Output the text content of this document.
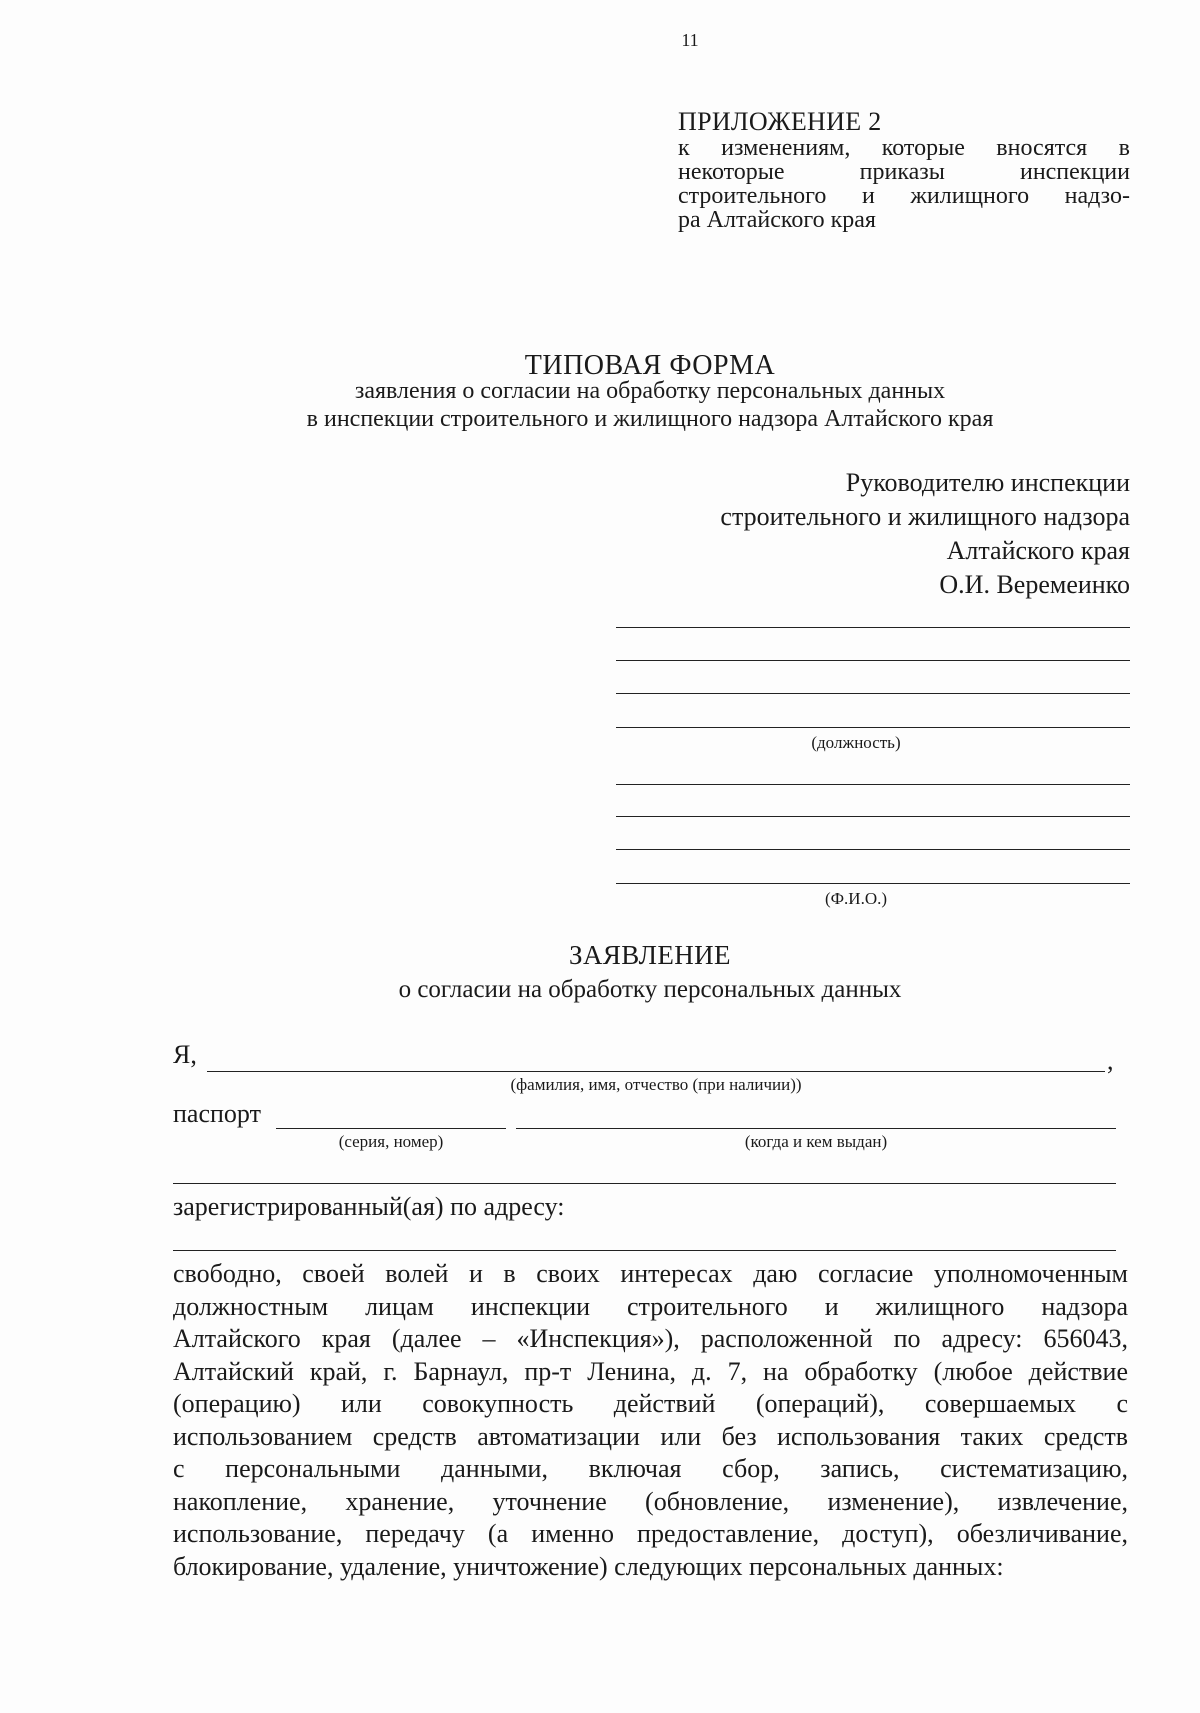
11
ПРИЛОЖЕНИЕ 2
к изменениям, которые вносятся в
некоторые приказы инспекции
строительного и жилищного надзо-
ра Алтайского края
ТИПОВАЯ ФОРМА
заявления о согласии на обработку персональных данных
в инспекции строительного и жилищного надзора Алтайского края
Руководителю инспекции
строительного и жилищного надзора
Алтайского края
О.И. Веремеинко
(должность)
(Ф.И.О.)
ЗАЯВЛЕНИЕ
о согласии на обработку персональных данных
Я,	,
(фамилия, имя, отчество (при наличии))
паспорт
(серия, номер)	(когда и кем выдан)
зарегистрированный(ая) по адресу:
свободно, своей волей и в своих интересах даю согласие уполномоченным
должностным лицам инспекции строительного и жилищного надзора
Алтайского края (далее – «Инспекция»), расположенной по адресу: 656043,
Алтайский край, г. Барнаул, пр-т Ленина, д. 7, на обработку (любое действие
(операцию) или совокупность действий (операций), совершаемых с
использованием средств автоматизации или без использования таких средств
с персональными данными, включая сбор, запись, систематизацию,
накопление, хранение, уточнение (обновление, изменение), извлечение,
использование, передачу (а именно предоставление, доступ), обезличивание,
блокирование, удаление, уничтожение) следующих персональных данных:
